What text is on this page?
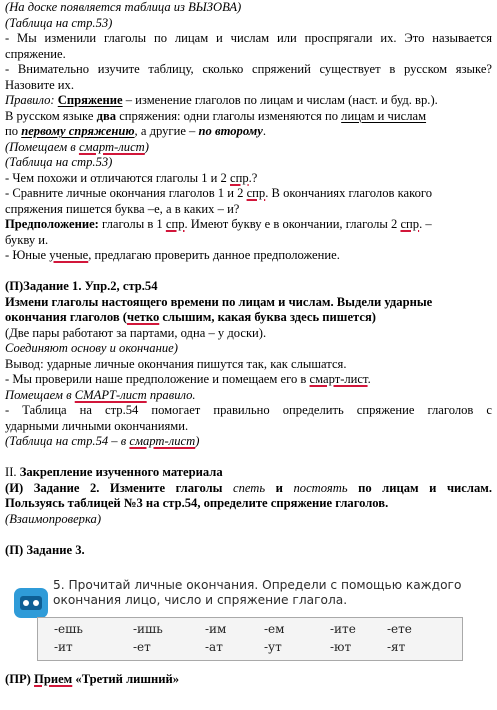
(На доске появляется таблица из ВЫЗОВА)
(Таблица на стр.53)
- Мы изменили глаголы по лицам и числам или проспрягали их. Это называется
спряжение.
- Внимательно изучите таблицу, сколько спряжений существует в русском языке?
Назовите их.
Правило: Спряжение – изменение глаголов по лицам и числам (наст. и буд. вр.).
В русском языке два спряжения: одни глаголы изменяются по лицам и числам
по первому спряжению, а другие – по второму.
(Помещаем в смарт-лист)
(Таблица на стр.53)
- Чем похожи и отличаются глаголы 1 и 2 спр.?
- Сравните личные окончания глаголов 1 и 2 спр. В окончаниях глаголов какого
спряжения пишется буква –е, а в каких – и?
Предположение: глаголы в 1 спр. Имеют букву е в окончании, глаголы 2 спр. –
букву и.
- Юные ученые, предлагаю проверить данное предположение.
(П)Задание 1. Упр.2, стр.54
Измени глаголы настоящего времени по лицам и числам. Выдели ударные
окончания глаголов (четко слышим, какая буква здесь пишется)
(Две пары работают за партами, одна – у доски).
Соединяют основу и окончание)
Вывод: ударные личные окончания пишутся так, как слышатся.
- Мы проверили наше предположение и помещаем его в смарт-лист.
Помещаем в СМАРТ-лист правило.
- Таблица на стр.54 помогает правильно определить спряжение глаголов с
ударными личными окончаниями.
(Таблица на стр.54 – в смарт-лист)
II. Закрепление изученного материала
(И) Задание 2. Измените глаголы спеть и постоять по лицам и числам.
Пользуясь таблицей №3 на стр.54, определите спряжение глаголов.
(Взаимопроверка)
(П) Задание 3.
5. Прочитай личные окончания. Определи с помощью каждого
окончания лицо, число и спряжение глагола.
-ешь	-ишь	-им	-ем	-ите	-ете
-ит	-ет	-ат	-ут	-ют	-ят
(ПР) Прием «Третий лишний»
